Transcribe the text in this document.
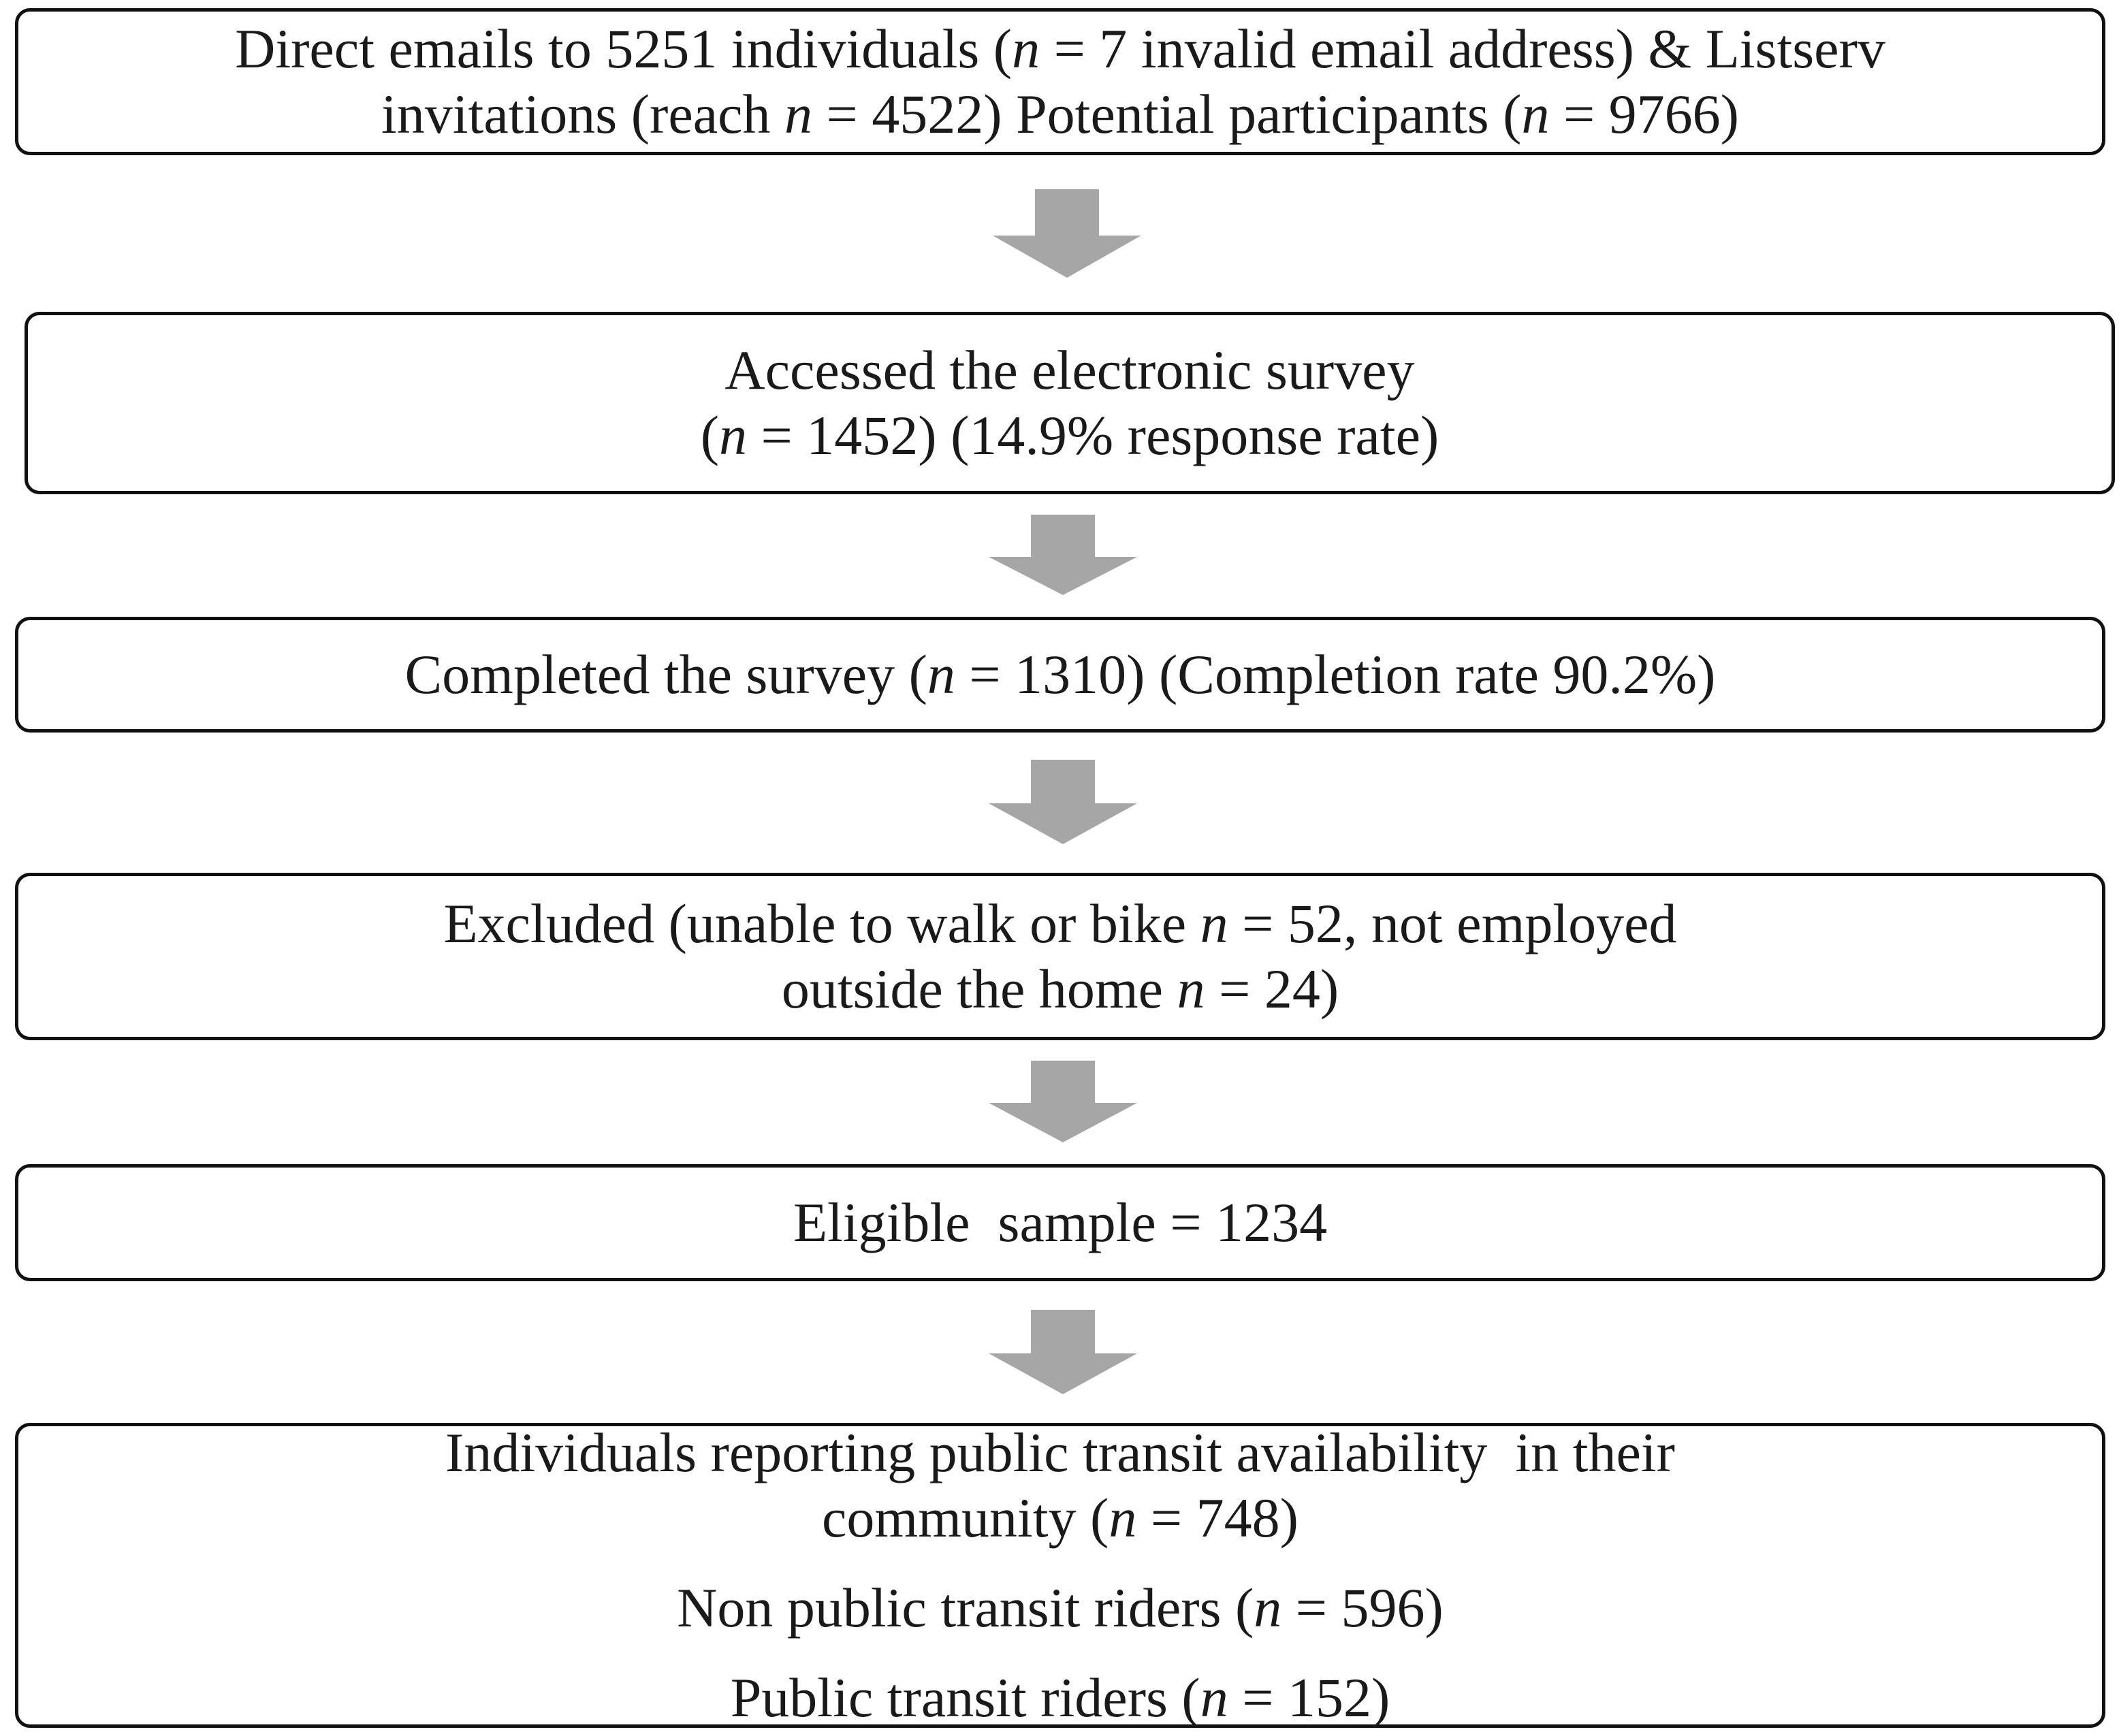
Direct emails to 5251 individuals (n = 7 invalid email address) & Listserv
invitations (reach n = 4522) Potential participants (n = 9766)
Accessed the electronic survey
(n = 1452) (14.9% response rate)
Completed the survey (n = 1310) (Completion rate 90.2%)
Excluded (unable to walk or bike n = 52, not employed
outside the home n = 24)
Eligible  sample = 1234
Individuals reporting public transit availability  in their
community (n = 748)
Non public transit riders (n = 596)
Public transit riders (n = 152)
